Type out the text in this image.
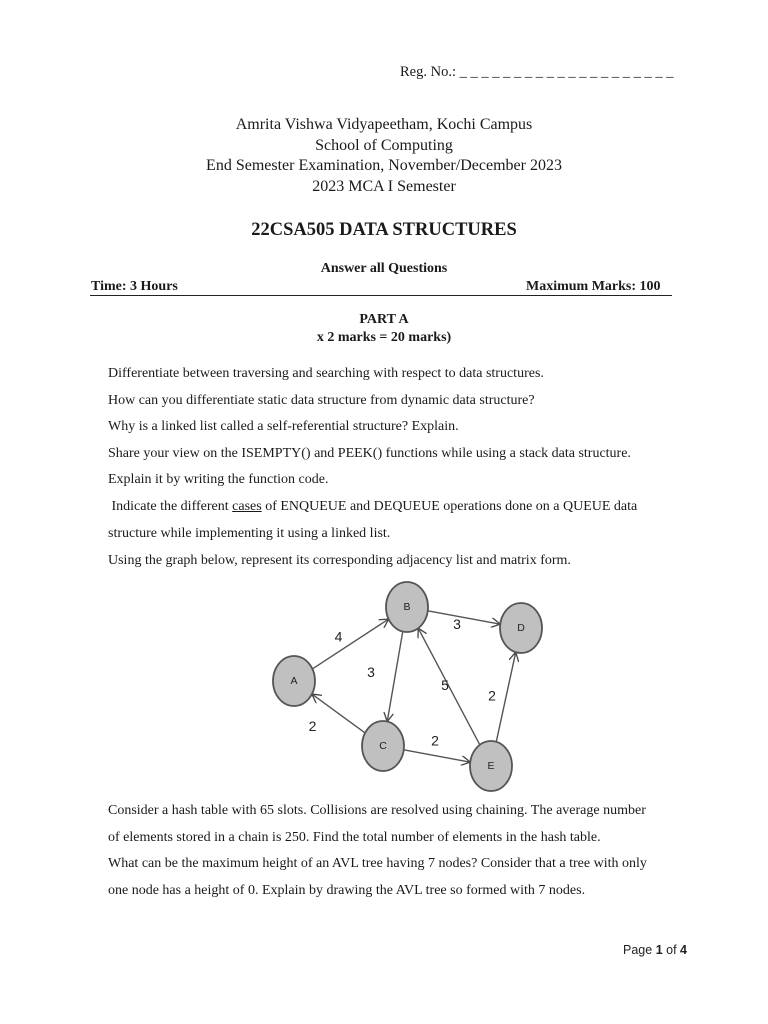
Reg. No.: _ _ _ _ _ _ _ _ _ _ _ _ _ _ _ _ _ _ _ _
Amrita Vishwa Vidyapeetham, Kochi Campus
School of Computing
End Semester Examination, November/December 2023
2023 MCA I Semester
22CSA505 DATA STRUCTURES
Answer all Questions
Time: 3 Hours	Maximum Marks: 100
PART A
x 2 marks = 20 marks)
Differentiate between traversing and searching with respect to data structures.
How can you differentiate static data structure from dynamic data structure?
Why is a linked list called a self-referential structure? Explain.
Share your view on the ISEMPTY() and PEEK() functions while using a stack data structure.
Explain it by writing the function code.
Indicate the different cases of ENQUEUE and DEQUEUE operations done on a QUEUE data
structure while implementing it using a linked list.
Using the graph below, represent its corresponding adjacency list and matrix form.
A
B
C
D
E
4
3
3
5
2
2
2
Consider a hash table with 65 slots. Collisions are resolved using chaining. The average number
of elements stored in a chain is 250. Find the total number of elements in the hash table.
What can be the maximum height of an AVL tree having 7 nodes? Consider that a tree with only
one node has a height of 0. Explain by drawing the AVL tree so formed with 7 nodes.
Page 1 of 4
